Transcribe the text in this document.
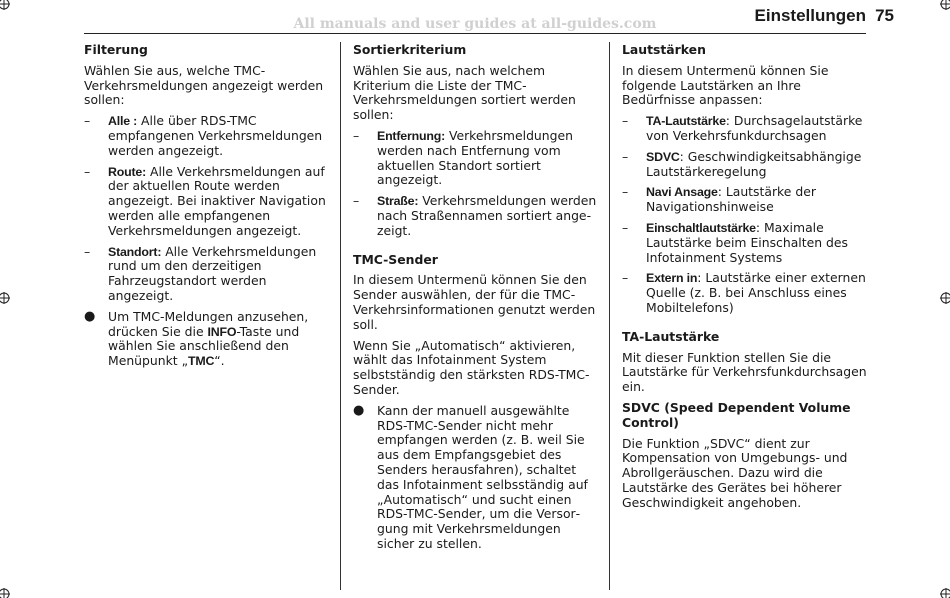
All manuals and user guides at all-guides.com	Einstellungen 75
Filterung

Wählen Sie aus, welche TMC-Verkehrsmeldungen angezeigt werden sollen:

– Alle : Alle über RDS-TMC empfangenen Verkehrsmeldungen werden angezeigt.
– Route: Alle Verkehrsmeldungen auf der aktuellen Route werden angezeigt. Bei inaktiver Navigation werden alle empfangenen Verkehrsmeldungen angezeigt.
– Standort: Alle Verkehrsmeldungen rund um den derzeitigen Fahrzeugstandort werden angezeigt.
● Um TMC-Meldungen anzusehen, drücken Sie die INFO-Taste und wählen Sie anschließend den Menüpunkt „TMC“.
Sortierkriterium

Wählen Sie aus, nach welchem Kriterium die Liste der TMC-Verkehrsmeldungen sortiert werden sollen:

– Entfernung: Verkehrsmeldungen werden nach Entfernung vom aktuellen Standort sortiert angezeigt.
– Straße: Verkehrsmeldungen werden nach Straßennamen sortiert angezeigt.
TMC-Sender

In diesem Untermenü können Sie den Sender auswählen, der für die TMC-Verkehrsinformationen genutzt werden soll.

Wenn Sie „Automatisch“ aktivieren, wählt das Infotainment System selbstständig den stärksten RDS-TMC-Sender.

● Kann der manuell ausgewählte RDS-TMC-Sender nicht mehr empfangen werden (z. B. weil Sie aus dem Empfangsgebiet des Senders herausfahren), schaltet das Infotainment selbsständig auf „Automatisch“ und sucht einen RDS-TMC-Sender, um die Versorgung mit Verkehrsmeldungen sicher zu stellen.
Lautstärken

In diesem Untermenü können Sie folgende Lautstärken an Ihre Bedürfnisse anpassen:

– TA-Lautstärke: Durchsagelautstärke von Verkehrsfunkdurchsagen
– SDVC: Geschwindigkeitsabhängige Lautstärkeregelung
– Navi Ansage: Lautstärke der Navigationshinweise
– Einschaltlautstärke: Maximale Lautstärke beim Einschalten des Infotainment Systems
– Extern in: Lautstärke einer externen Quelle (z. B. bei Anschluss eines Mobiltelefons)
TA-Lautstärke

Mit dieser Funktion stellen Sie die Lautstärke für Verkehrsfunkdurchsagen ein.

SDVC (Speed Dependent Volume Control)

Die Funktion „SDVC“ dient zur Kompensation von Umgebungs- und Abrollgeräuschen. Dazu wird die Lautstärke des Gerätes bei höherer Geschwindigkeit angehoben.
